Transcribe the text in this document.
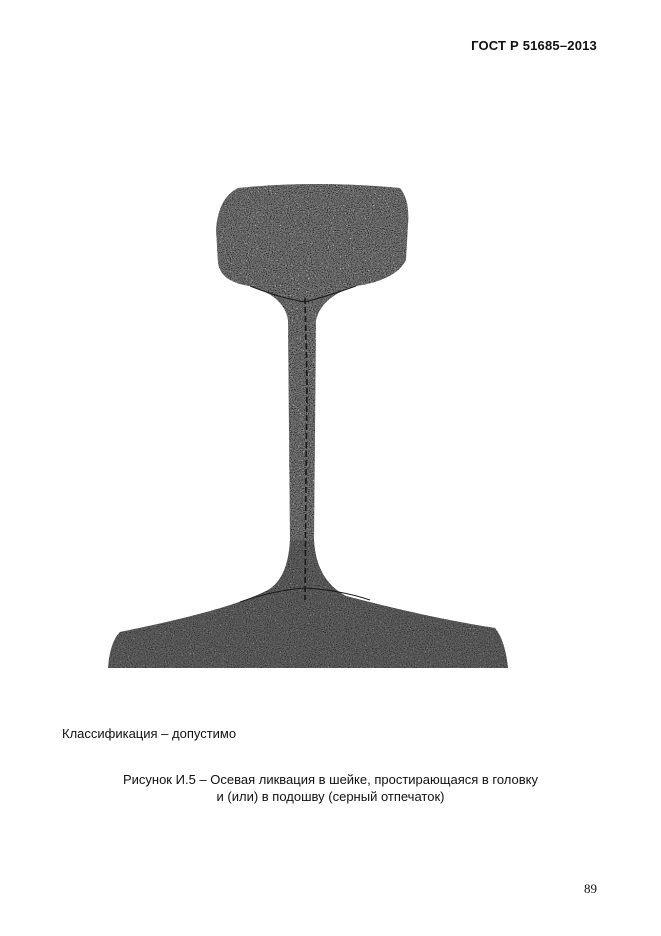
ГОСТ Р 51685–2013
Классификация – допустимо
Рисунок И.5 – Осевая ликвация в шейке, простирающаяся в головку
и (или) в подошву (серный отпечаток)
89
